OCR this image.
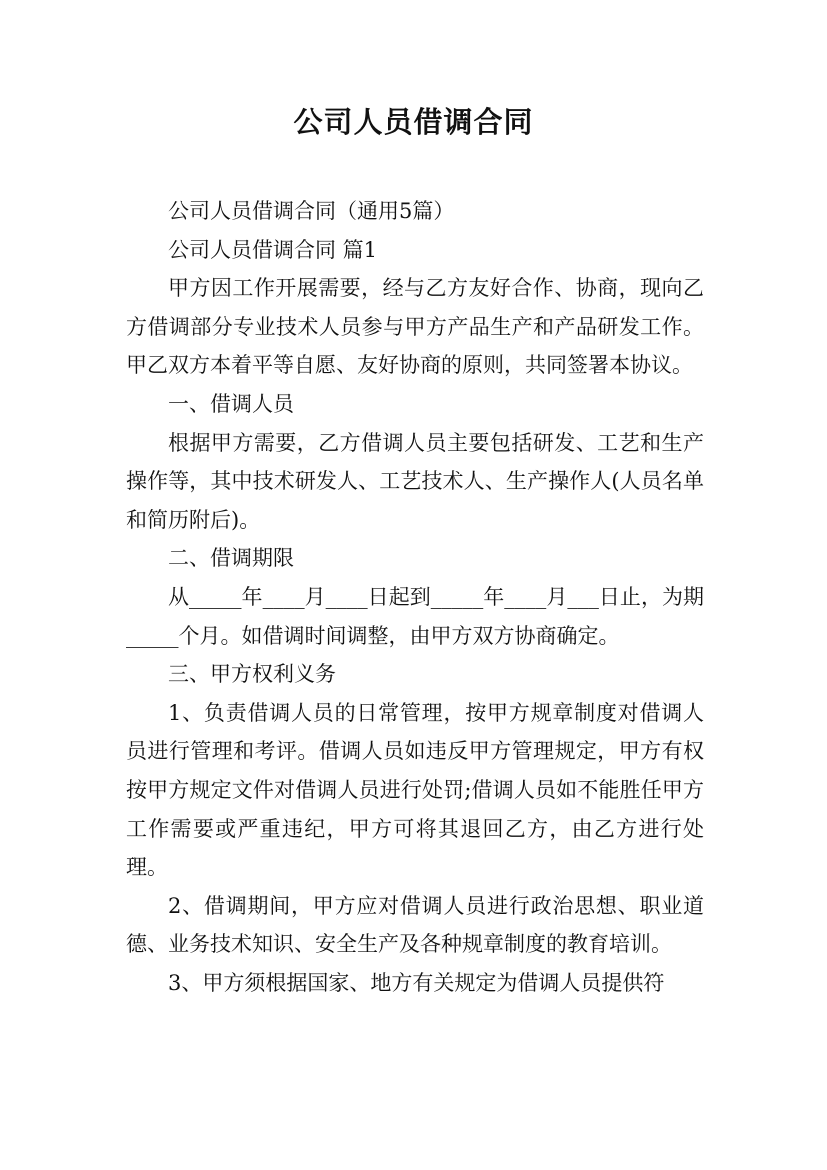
公司人员借调合同

公司人员借调合同（通用5篇）

公司人员借调合同 篇1

甲方因工作开展需要，经与乙方友好合作、协商，现向乙方借调部分专业技术人员参与甲方产品生产和产品研发工作。甲乙双方本着平等自愿、友好协商的原则，共同签署本协议。

一、借调人员

根据甲方需要，乙方借调人员主要包括研发、工艺和生产操作等，其中技术研发人、工艺技术人、生产操作人(人员名单和简历附后)。

二、借调期限

从_____年____月____日起到_____年____月___日止，为期_____个月。如借调时间调整，由甲方双方协商确定。

三、甲方权利义务

1、负责借调人员的日常管理，按甲方规章制度对借调人员进行管理和考评。借调人员如违反甲方管理规定，甲方有权按甲方规定文件对借调人员进行处罚;借调人员如不能胜任甲方工作需要或严重违纪，甲方可将其退回乙方，由乙方进行处理。

2、借调期间，甲方应对借调人员进行政治思想、职业道德、业务技术知识、安全生产及各种规章制度的教育培训。

3、甲方须根据国家、地方有关规定为借调人员提供符
